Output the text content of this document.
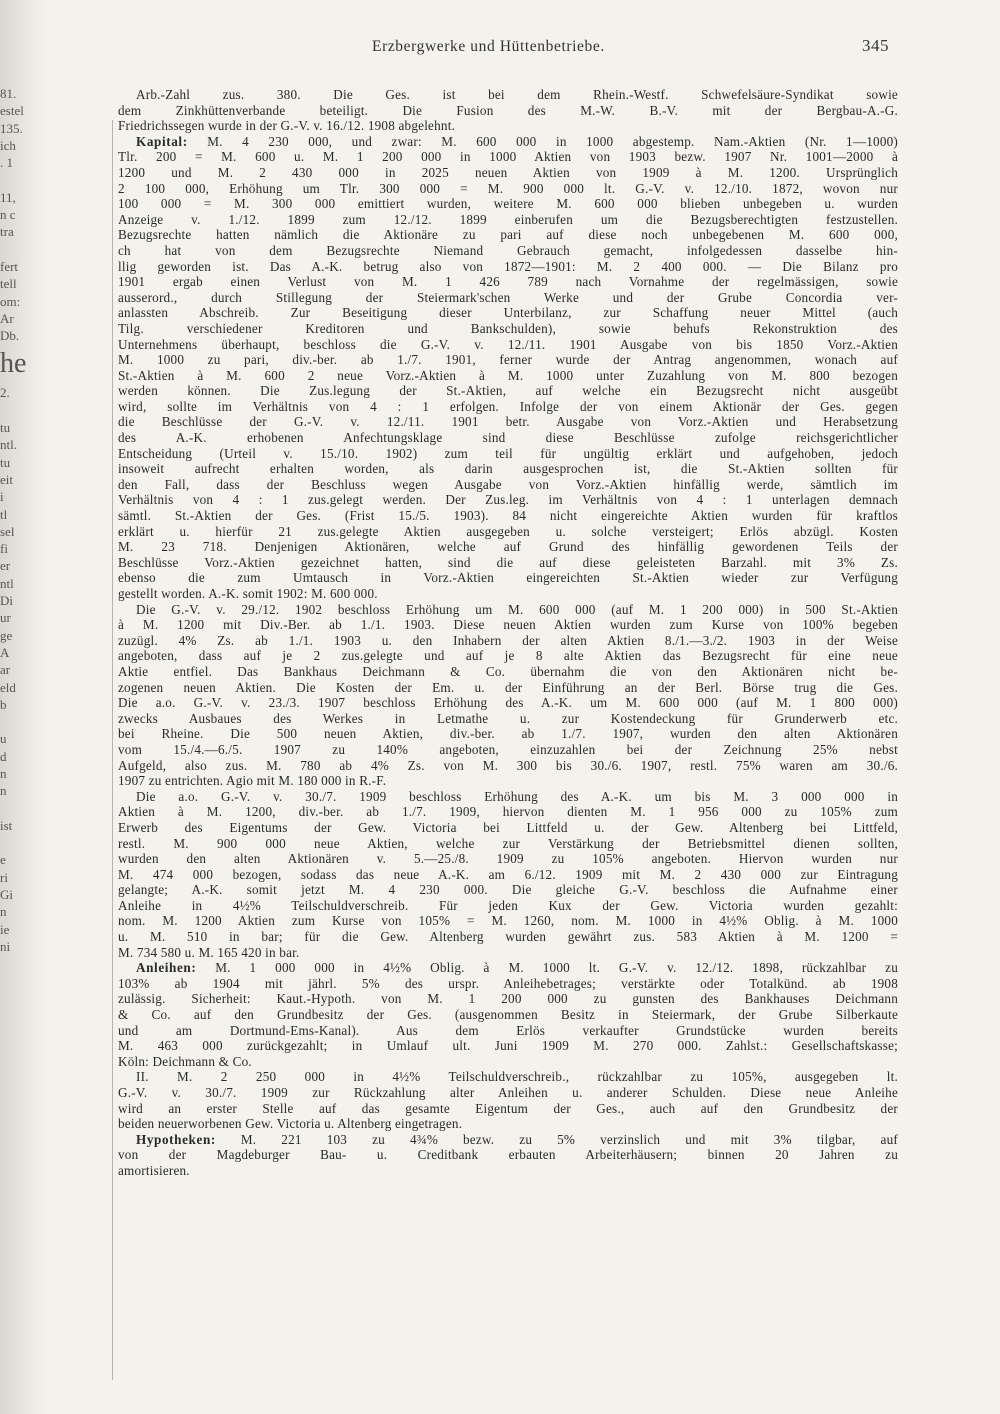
81.
estel
135.
ich
. 1

11,
n c
tra

fert
tell
om:
Ar
Db.
he
2.

tu
ntl.
tu
eit
i
tl
sel
fi
er
ntl
Di
ur
ge
A
ar
eld
b

u
d
n
n

ist

e
ri
Gi
n
ie
ni
Erzbergwerke und Hüttenbetriebe.	345
Arb.-Zahl zus. 380. Die Ges. ist bei dem Rhein.-Westf. Schwefelsäure-Syndikat sowie
dem Zinkhüttenverbande beteiligt. Die Fusion des M.-W. B.-V. mit der Bergbau-A.-G.
Friedrichssegen wurde in der G.-V. v. 16./12. 1908 abgelehnt.
Kapital: M. 4 230 000, und zwar: M. 600 000 in 1000 abgestemp. Nam.-Aktien (Nr. 1—1000)
Tlr. 200 = M. 600 u. M. 1 200 000 in 1000 Aktien von 1903 bezw. 1907 Nr. 1001—2000 à
1200 und M. 2 430 000 in 2025 neuen Aktien von 1909 à M. 1200. Ursprünglich
2 100 000, Erhöhung um Tlr. 300 000 = M. 900 000 lt. G.-V. v. 12./10. 1872, wovon nur
100 000 = M. 300 000 emittiert wurden, weitere M. 600 000 blieben unbegeben u. wurden
Anzeige v. 1./12. 1899 zum 12./12. 1899 einberufen um die Bezugsberechtigten festzustellen.
Bezugsrechte hatten nämlich die Aktionäre zu pari auf diese noch unbegebenen M. 600 000,
ch hat von dem Bezugsrechte Niemand Gebrauch gemacht, infolgedessen dasselbe hin-
llig geworden ist. Das A.-K. betrug also von 1872—1901: M. 2 400 000. — Die Bilanz pro
1901 ergab einen Verlust von M. 1 426 789 nach Vornahme der regelmässigen, sowie
ausserord., durch Stillegung der Steiermark'schen Werke und der Grube Concordia ver-
anlassten Abschreib. Zur Beseitigung dieser Unterbilanz, zur Schaffung neuer Mittel (auch
Tilg. verschiedener Kreditoren und Bankschulden), sowie behufs Rekonstruktion des
Unternehmens überhaupt, beschloss die G.-V. v. 12./11. 1901 Ausgabe von bis 1850 Vorz.-Aktien
M. 1000 zu pari, div.-ber. ab 1./7. 1901, ferner wurde der Antrag angenommen, wonach auf
St.-Aktien à M. 600 2 neue Vorz.-Aktien à M. 1000 unter Zuzahlung von M. 800 bezogen
werden können. Die Zus.legung der St.-Aktien, auf welche ein Bezugsrecht nicht ausgeübt
wird, sollte im Verhältnis von 4 : 1 erfolgen. Infolge der von einem Aktionär der Ges. gegen
die Beschlüsse der G.-V. v. 12./11. 1901 betr. Ausgabe von Vorz.-Aktien und Herabsetzung
des A.-K. erhobenen Anfechtungsklage sind diese Beschlüsse zufolge reichsgerichtlicher
Entscheidung (Urteil v. 15./10. 1902) zum teil für ungültig erklärt und aufgehoben, jedoch
insoweit aufrecht erhalten worden, als darin ausgesprochen ist, die St.-Aktien sollten für
den Fall, dass der Beschluss wegen Ausgabe von Vorz.-Aktien hinfällig werde, sämtlich im
Verhältnis von 4 : 1 zus.gelegt werden. Der Zus.leg. im Verhältnis von 4 : 1 unterlagen demnach
sämtl. St.-Aktien der Ges. (Frist 15./5. 1903). 84 nicht eingereichte Aktien wurden für kraftlos
erklärt u. hierfür 21 zus.gelegte Aktien ausgegeben u. solche versteigert; Erlös abzügl. Kosten
M. 23 718. Denjenigen Aktionären, welche auf Grund des hinfällig gewordenen Teils der
Beschlüsse Vorz.-Aktien gezeichnet hatten, sind die auf diese geleisteten Barzahl. mit 3% Zs.
ebenso die zum Umtausch in Vorz.-Aktien eingereichten St.-Aktien wieder zur Verfügung
gestellt worden. A.-K. somit 1902: M. 600 000.
Die G.-V. v. 29./12. 1902 beschloss Erhöhung um M. 600 000 (auf M. 1 200 000) in 500 St.-Aktien
à M. 1200 mit Div.-Ber. ab 1./1. 1903. Diese neuen Aktien wurden zum Kurse von 100% begeben
zuzügl. 4% Zs. ab 1./1. 1903 u. den Inhabern der alten Aktien 8./1.—3./2. 1903 in der Weise
angeboten, dass auf je 2 zus.gelegte und auf je 8 alte Aktien das Bezugsrecht für eine neue
Aktie entfiel. Das Bankhaus Deichmann & Co. übernahm die von den Aktionären nicht be-
zogenen neuen Aktien. Die Kosten der Em. u. der Einführung an der Berl. Börse trug die Ges.
Die a.o. G.-V. v. 23./3. 1907 beschloss Erhöhung des A.-K. um M. 600 000 (auf M. 1 800 000)
zwecks Ausbaues des Werkes in Letmathe u. zur Kostendeckung für Grunderwerb etc.
bei Rheine. Die 500 neuen Aktien, div.-ber. ab 1./7. 1907, wurden den alten Aktionären
vom 15./4.—6./5. 1907 zu 140% angeboten, einzuzahlen bei der Zeichnung 25% nebst
Aufgeld, also zus. M. 780 ab 4% Zs. von M. 300 bis 30./6. 1907, restl. 75% waren am 30./6.
1907 zu entrichten. Agio mit M. 180 000 in R.-F.
Die a.o. G.-V. v. 30./7. 1909 beschloss Erhöhung des A.-K. um bis M. 3 000 000 in
Aktien à M. 1200, div.-ber. ab 1./7. 1909, hiervon dienten M. 1 956 000 zu 105% zum
Erwerb des Eigentums der Gew. Victoria bei Littfeld u. der Gew. Altenberg bei Littfeld,
restl. M. 900 000 neue Aktien, welche zur Verstärkung der Betriebsmittel dienen sollten,
wurden den alten Aktionären v. 5.—25./8. 1909 zu 105% angeboten. Hiervon wurden nur
M. 474 000 bezogen, sodass das neue A.-K. am 6./12. 1909 mit M. 2 430 000 zur Eintragung
gelangte; A.-K. somit jetzt M. 4 230 000. Die gleiche G.-V. beschloss die Aufnahme einer
Anleihe in 4½% Teilschuldverschreib. Für jeden Kux der Gew. Victoria wurden gezahlt:
nom. M. 1200 Aktien zum Kurse von 105% = M. 1260, nom. M. 1000 in 4½% Oblig. à M. 1000
u. M. 510 in bar; für die Gew. Altenberg wurden gewährt zus. 583 Aktien à M. 1200 =
M. 734 580 u. M. 165 420 in bar.
Anleihen: M. 1 000 000 in 4½% Oblig. à M. 1000 lt. G.-V. v. 12./12. 1898, rückzahlbar zu
103% ab 1904 mit jährl. 5% des urspr. Anleihebetrages; verstärkte oder Totalkünd. ab 1908
zulässig. Sicherheit: Kaut.-Hypoth. von M. 1 200 000 zu gunsten des Bankhauses Deichmann
& Co. auf den Grundbesitz der Ges. (ausgenommen Besitz in Steiermark, der Grube Silberkaute
und am Dortmund-Ems-Kanal). Aus dem Erlös verkaufter Grundstücke wurden bereits
M. 463 000 zurückgezahlt; in Umlauf ult. Juni 1909 M. 270 000. Zahlst.: Gesellschaftskasse;
Köln: Deichmann & Co.
II. M. 2 250 000 in 4½% Teilschuldverschreib., rückzahlbar zu 105%, ausgegeben lt.
G.-V. v. 30./7. 1909 zur Rückzahlung alter Anleihen u. anderer Schulden. Diese neue Anleihe
wird an erster Stelle auf das gesamte Eigentum der Ges., auch auf den Grundbesitz der
beiden neuerworbenen Gew. Victoria u. Altenberg eingetragen.
Hypotheken: M. 221 103 zu 4¾% bezw. zu 5% verzinslich und mit 3% tilgbar, auf
von der Magdeburger Bau- u. Creditbank erbauten Arbeiterhäusern; binnen 20 Jahren zu
amortisieren.
